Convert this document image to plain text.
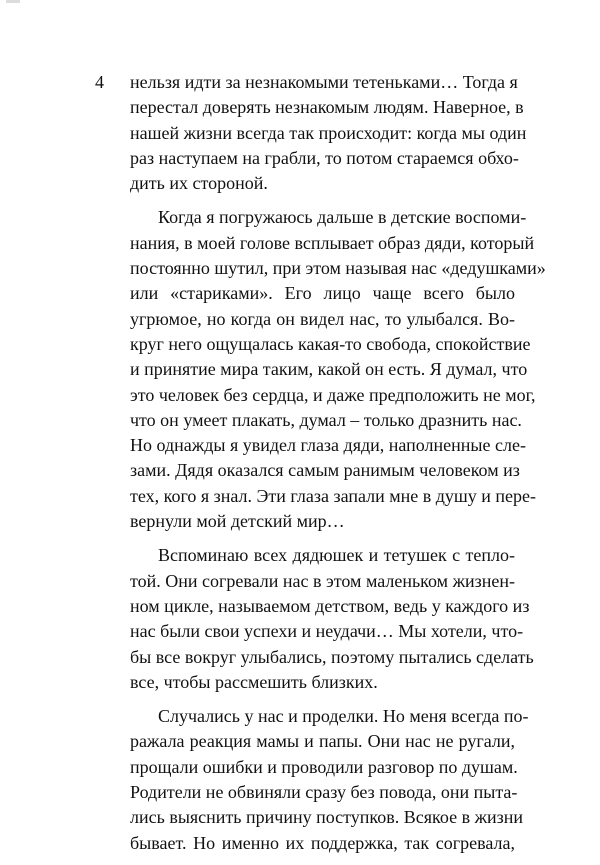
4 нельзя идти за незнакомыми тетеньками… Тогда я
перестал доверять незнакомым людям. Наверное, в
нашей жизни всегда так происходит: когда мы один
раз наступаем на грабли, то потом стараемся обхо-
дить их стороной.
Когда я погружаюсь дальше в детские воспоми-
нания, в моей голове всплывает образ дяди, который
постоянно шутил, при этом называя нас «дедушками»
или «стариками». Его лицо чаще всего было
угрюмое, но когда он видел нас, то улыбался. Во-
круг него ощущалась какая-то свобода, спокойствие
и принятие мира таким, какой он есть. Я думал, что
это человек без сердца, и даже предположить не мог,
что он умеет плакать, думал – только дразнить нас.
Но однажды я увидел глаза дяди, наполненные сле-
зами. Дядя оказался самым ранимым человеком из
тех, кого я знал. Эти глаза запали мне в душу и пере-
вернули мой детский мир…
Вспоминаю всех дядюшек и тетушек с тепло-
той. Они согревали нас в этом маленьком жизнен-
ном цикле, называемом детством, ведь у каждого из
нас были свои успехи и неудачи… Мы хотели, что-
бы все вокруг улыбались, поэтому пытались сделать
все, чтобы рассмешить близких.
Случались у нас и проделки. Но меня всегда по-
ражала реакция мамы и папы. Они нас не ругали,
прощали ошибки и проводили разговор по душам.
Родители не обвиняли сразу без повода, они пыта-
лись выяснить причину поступков. Всякое в жизни
бывает. Но именно их поддержка, так согревала,
